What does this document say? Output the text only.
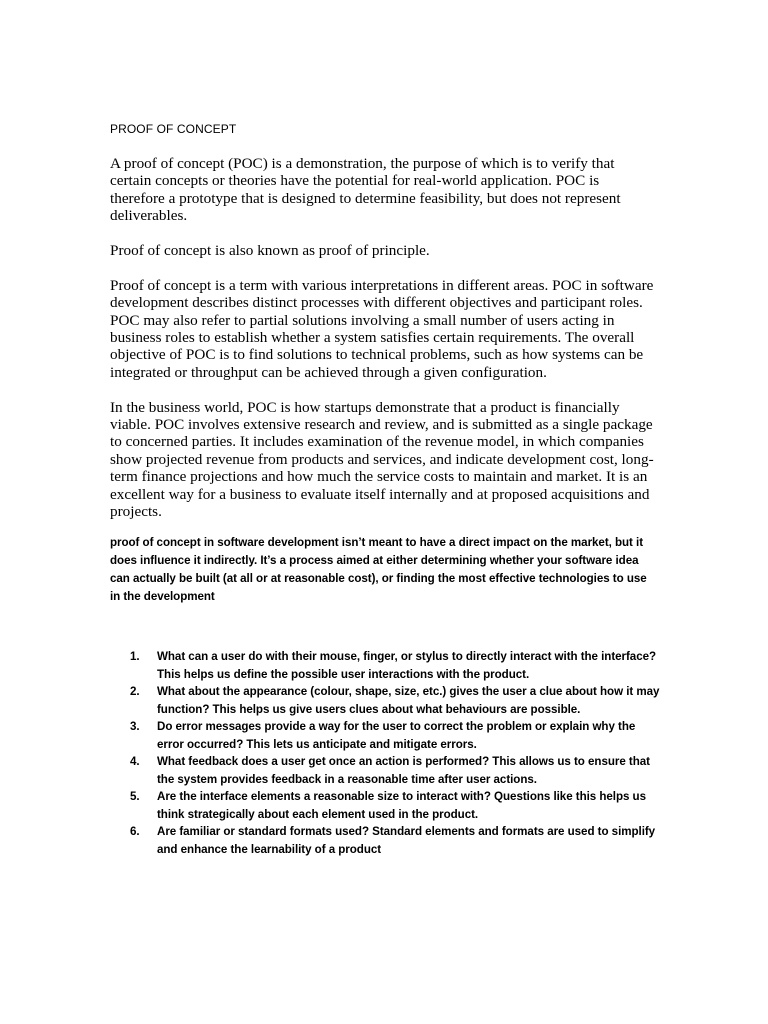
PROOF OF CONCEPT

A proof of concept (POC) is a demonstration, the purpose of which is to verify that certain concepts or theories have the potential for real-world application. POC is therefore a prototype that is designed to determine feasibility, but does not represent deliverables.

Proof of concept is also known as proof of principle.

Proof of concept is a term with various interpretations in different areas. POC in software development describes distinct processes with different objectives and participant roles. POC may also refer to partial solutions involving a small number of users acting in business roles to establish whether a system satisfies certain requirements. The overall objective of POC is to find solutions to technical problems, such as how systems can be integrated or throughput can be achieved through a given configuration.

In the business world, POC is how startups demonstrate that a product is financially viable. POC involves extensive research and review, and is submitted as a single package to concerned parties. It includes examination of the revenue model, in which companies show projected revenue from products and services, and indicate development cost, long-term finance projections and how much the service costs to maintain and market. It is an excellent way for a business to evaluate itself internally and at proposed acquisitions and projects.

proof of concept in software development isn’t meant to have a direct impact on the market, but it does influence it indirectly. It’s a process aimed at either determining whether your software idea can actually be built (at all or at reasonable cost), or finding the most effective technologies to use in the development

1. What can a user do with their mouse, finger, or stylus to directly interact with the interface? This helps us define the possible user interactions with the product.
2. What about the appearance (colour, shape, size, etc.) gives the user a clue about how it may function? This helps us give users clues about what behaviours are possible.
3. Do error messages provide a way for the user to correct the problem or explain why the error occurred? This lets us anticipate and mitigate errors.
4. What feedback does a user get once an action is performed? This allows us to ensure that the system provides feedback in a reasonable time after user actions.
5. Are the interface elements a reasonable size to interact with? Questions like this helps us think strategically about each element used in the product.
6. Are familiar or standard formats used? Standard elements and formats are used to simplify and enhance the learnability of a product
